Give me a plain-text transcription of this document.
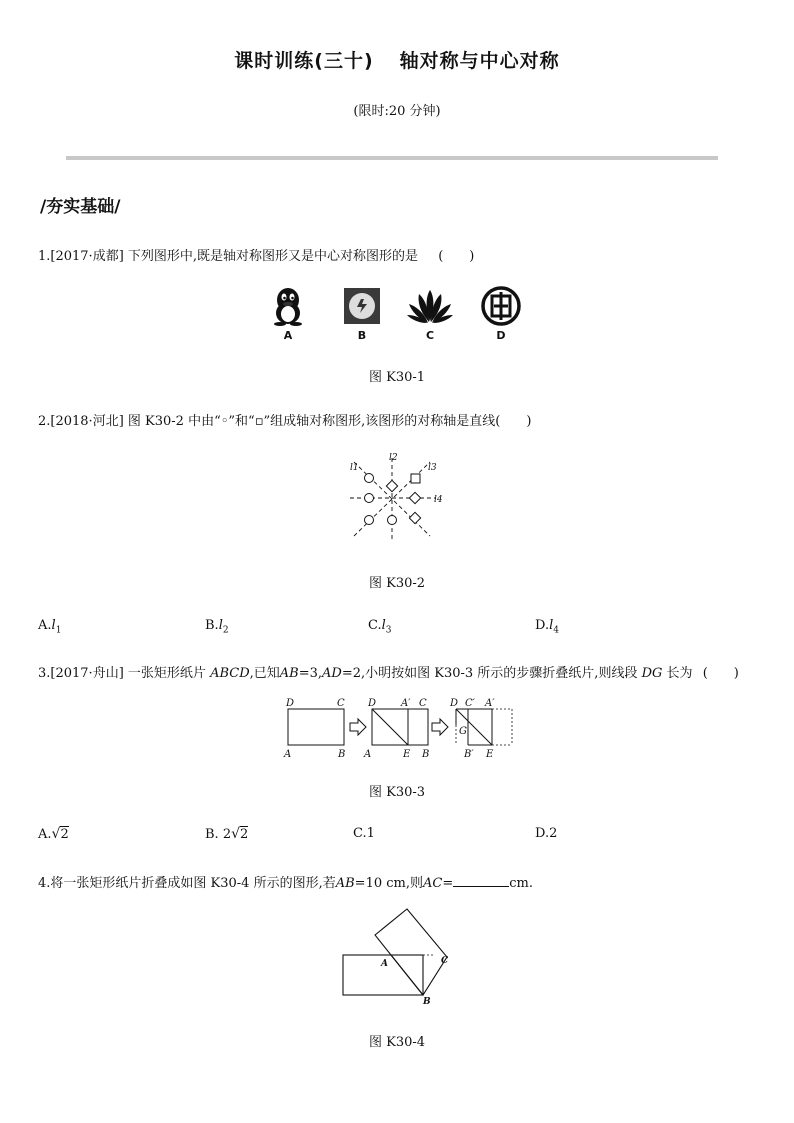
课时训练(三十) 轴对称与中心对称
(限时:20 分钟)
/夯实基础/
1.[2017·成都] 下列图形中,既是轴对称图形又是中心对称图形的是 (　　)
A	B	C	D
图 K30-1
2.[2018·河北] 图 K30-2 中由“◦”和“▫”组成轴对称图形,该图形的对称轴是直线(　　)
l1
l2
l3
l4
图 K30-2
$A.l_1$	$B.l_2$	$C.l_3$	$D.l_4$
3.[2017·舟山] 一张矩形纸片 ABCD,已知AB=3,AD=2,小明按如图 K30-3 所示的步骤折叠纸片,则线段 DG 长为 (　　)
D	C
A	B
D A′ C
A	E B
D C′ A′
G
B′ E
图 K30-3
A.√2	B. 2√2	C.1	D.2
4.将一张矩形纸片折叠成如图 K30-4 所示的图形,若AB=10 cm,则AC=	cm.
A	C
B
图 K30-4
